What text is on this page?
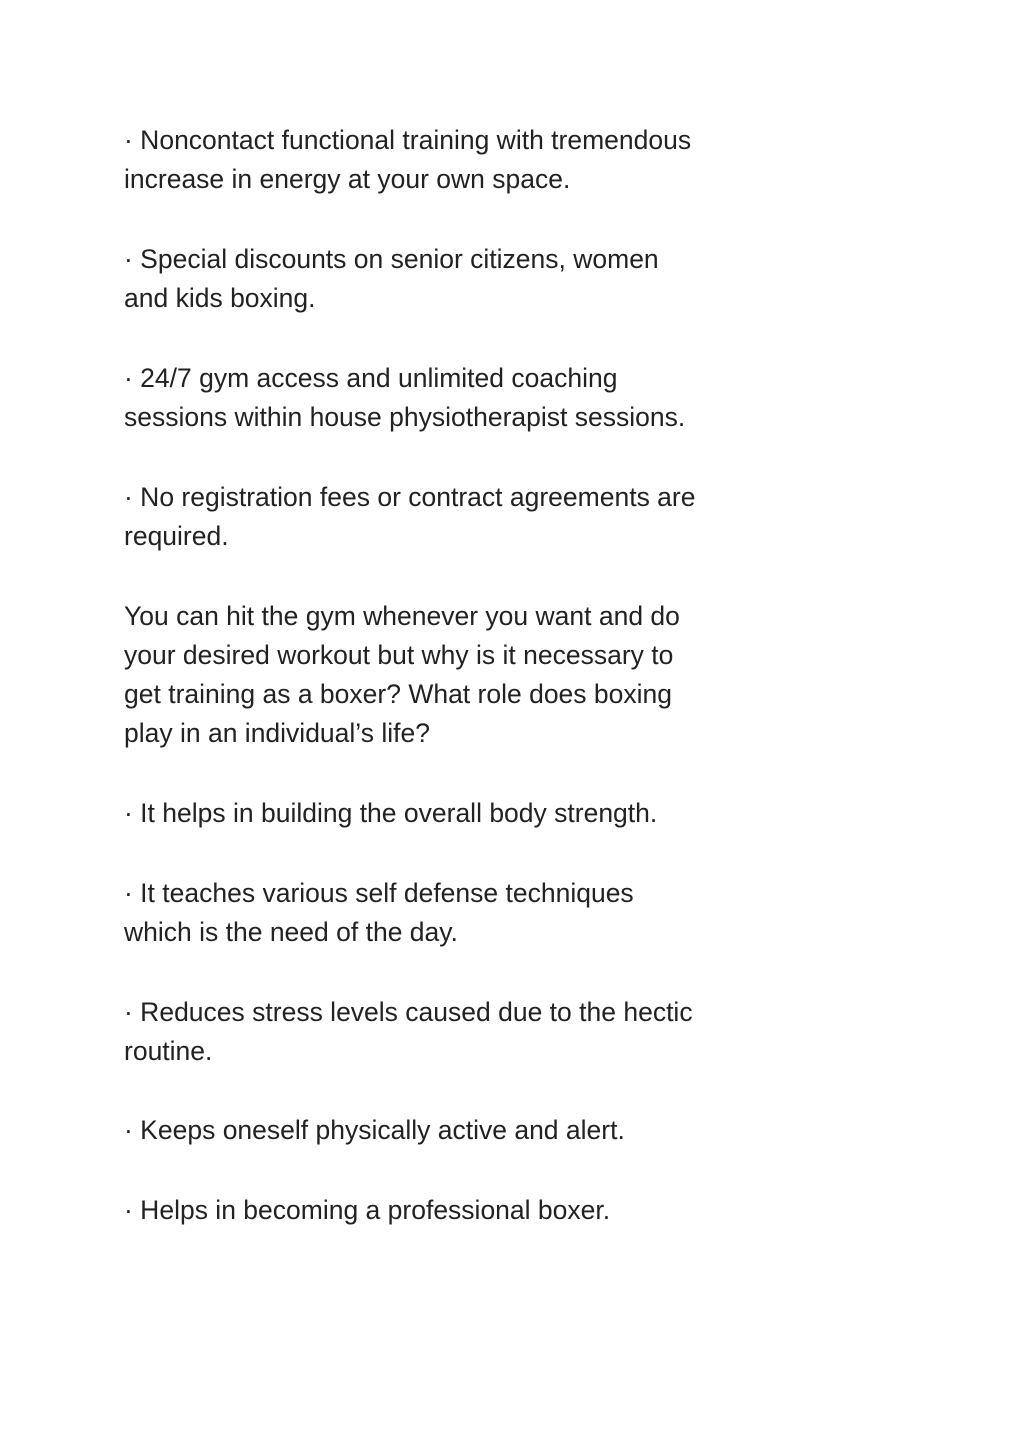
· Noncontact functional training with tremendous increase in energy at your own space.

· Special discounts on senior citizens, women and kids boxing.

· 24/7 gym access and unlimited coaching sessions within house physiotherapist sessions.

· No registration fees or contract agreements are required.

You can hit the gym whenever you want and do your desired workout but why is it necessary to get training as a boxer? What role does boxing play in an individual’s life?

· It helps in building the overall body strength.

· It teaches various self defense techniques which is the need of the day.

· Reduces stress levels caused due to the hectic routine.

· Keeps oneself physically active and alert.

· Helps in becoming a professional boxer.
